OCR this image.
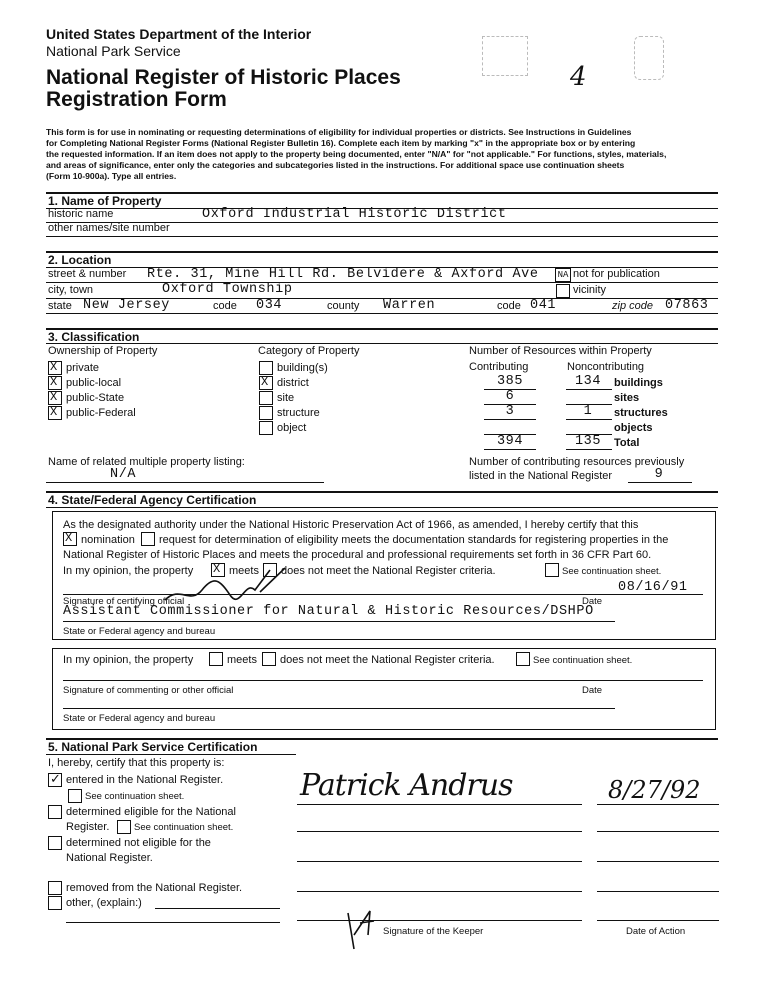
United States Department of the Interior
National Park Service
National Register of Historic Places
Registration Form
4
This form is for use in nominating or requesting determinations of eligibility for individual properties or districts. See Instructions in Guidelines
for Completing National Register Forms (National Register Bulletin 16). Complete each item by marking "x" in the appropriate box or by entering
the requested information. If an item does not apply to the property being documented, enter "N/A" for "not applicable." For functions, styles, materials,
and areas of significance, enter only the categories and subcategories listed in the instructions. For additional space use continuation sheets
(Form 10-900a). Type all entries.
1. Name of Property
historic name	Oxford Industrial Historic District
other names/site number
2. Location
street & number Rte. 31, Mine Hill Rd. Belvidere & Axford Ave NA not for publication
city, town	Oxford Township	vicinity
state New Jersey	code 034	county Warren	code 041	zip code 07863
3. Classification
Ownership of Property	Category of Property	Number of Resources within Property
X
private
X
public-local
X
public-State
X
public-Federal
building(s)
X
district
site
structure
object
Contributing	Noncontributing
385	134	buildings
6	sites
3	1	structures
objects
394	135	Total
Name of related multiple property listing:
N/A
Number of contributing resources previously
listed in the National Register	9
4. State/Federal Agency Certification
As the designated authority under the National Historic Preservation Act of 1966, as amended, I hereby certify that this
X
nomination request for determination of eligibility meets the documentation standards for registering properties in the
National Register of Historic Places and meets the procedural and professional requirements set forth in 36 CFR Part 60.
In my opinion, the property
X	meets does not meet the National Register criteria.	See continuation sheet.
08/16/91
Signature of certifying official	Date
Assistant Commissioner for Natural & Historic Resources/DSHPO
State or Federal agency and bureau
In my opinion, the property	meets does not meet the National Register criteria.	See continuation sheet.
Signature of commenting or other official	Date
State or Federal agency and bureau
5. National Park Service Certification
I, hereby, certify that this property is:
✓
entered in the National Register.
See continuation sheet.
determined eligible for the National
Register.	See continuation sheet.
determined not eligible for the
National Register.
removed from the National Register.
other, (explain:)
Patrick Andrus	8/27/92
Signature of the Keeper	Date of Action
